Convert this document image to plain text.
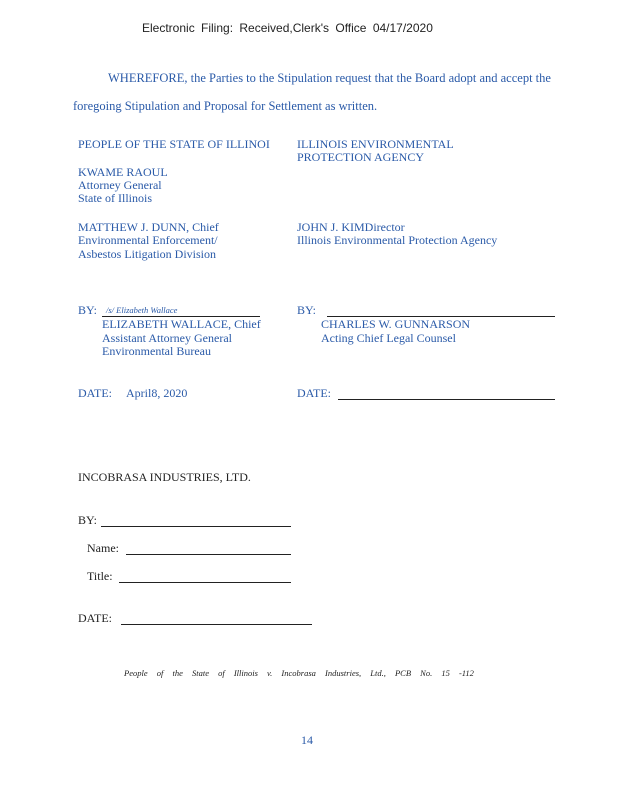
Electronic Filing: Received,Clerk's Office 04/17/2020
WHEREFORE, the Parties to the Stipulation request that the Board adopt and accept the
foregoing Stipulation and Proposal for Settlement as written.
PEOPLE OF THE STATE OF ILLINOI
KWAME RAOUL
Attorney General
State of Illinois
MATTHEW J. DUNN, Chief
Environmental Enforcement/
Asbestos Litigation Division
BY: /s/ Elizabeth Wallace
ELIZABETH WALLACE, Chief
Assistant Attorney General
Environmental Bureau
DATE: April8, 2020
ILLINOIS ENVIRONMENTAL
PROTECTION AGENCY
JOHN J. KIMDirector
Illinois Environmental Protection Agency
BY:
CHARLES W. GUNNARSON
Acting Chief Legal Counsel
DATE:
INCOBRASA INDUSTRIES, LTD.
BY:
Name:
Title:
DATE:
People of the State of Illinois v. Incobrasa Industries, Ltd., PCB No. 15 -112
14
